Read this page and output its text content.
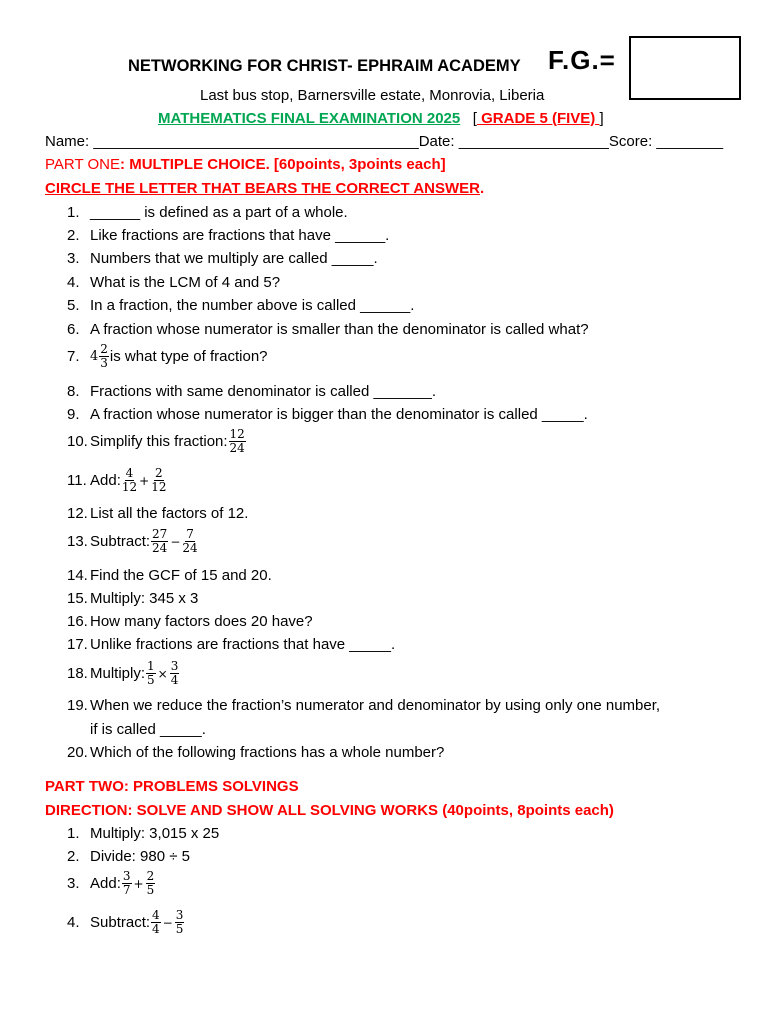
NETWORKING FOR CHRIST- EPHRAIM ACADEMY F.G.=
Last bus stop, Barnersville estate, Monrovia, Liberia
MATHEMATICS FINAL EXAMINATION 2025 [ GRADE 5 (FIVE) ]
Name: _______________________________________ Date: __________________ Score: ________
PART ONE: MULTIPLE CHOICE. [60points, 3points each]
CIRCLE THE LETTER THAT BEARS THE CORRECT ANSWER.
1. ______ is defined as a part of a whole.
2. Like fractions are fractions that have ______.
3. Numbers that we multiply are called _____.
4. What is the LCM of 4 and 5?
5. In a fraction, the number above is called ______.
6. A fraction whose numerator is smaller than the denominator is called what?
7. $4 \frac{2}{3}$ is what type of fraction?
8. Fractions with same denominator is called _______.
9. A fraction whose numerator is bigger than the denominator is called _____.
10. Simplify this fraction: $\frac{12}{24}$
11. Add: $\frac{4}{12} + \frac{2}{12}$
12. List all the factors of 12.
13. Subtract: $\frac{27}{24} - \frac{7}{24}$
14. Find the GCF of 15 and 20.
15. Multiply: 345 x 3
16. How many factors does 20 have?
17. Unlike fractions are fractions that have _____.
18. Multiply: $\frac{1}{5} \times \frac{3}{4}$
19. When we reduce the fraction’s numerator and denominator by using only one number,
if is called _____.
20. Which of the following fractions has a whole number?
PART TWO: PROBLEMS SOLVINGS
DIRECTION: SOLVE AND SHOW ALL SOLVING WORKS (40points, 8points each)
1. Multiply: 3,015 x 25
2. Divide: 980 ÷ 5
3. Add: $\frac{3}{7} + \frac{2}{5}$
4. Subtract: $\frac{4}{4} - \frac{3}{5}$
